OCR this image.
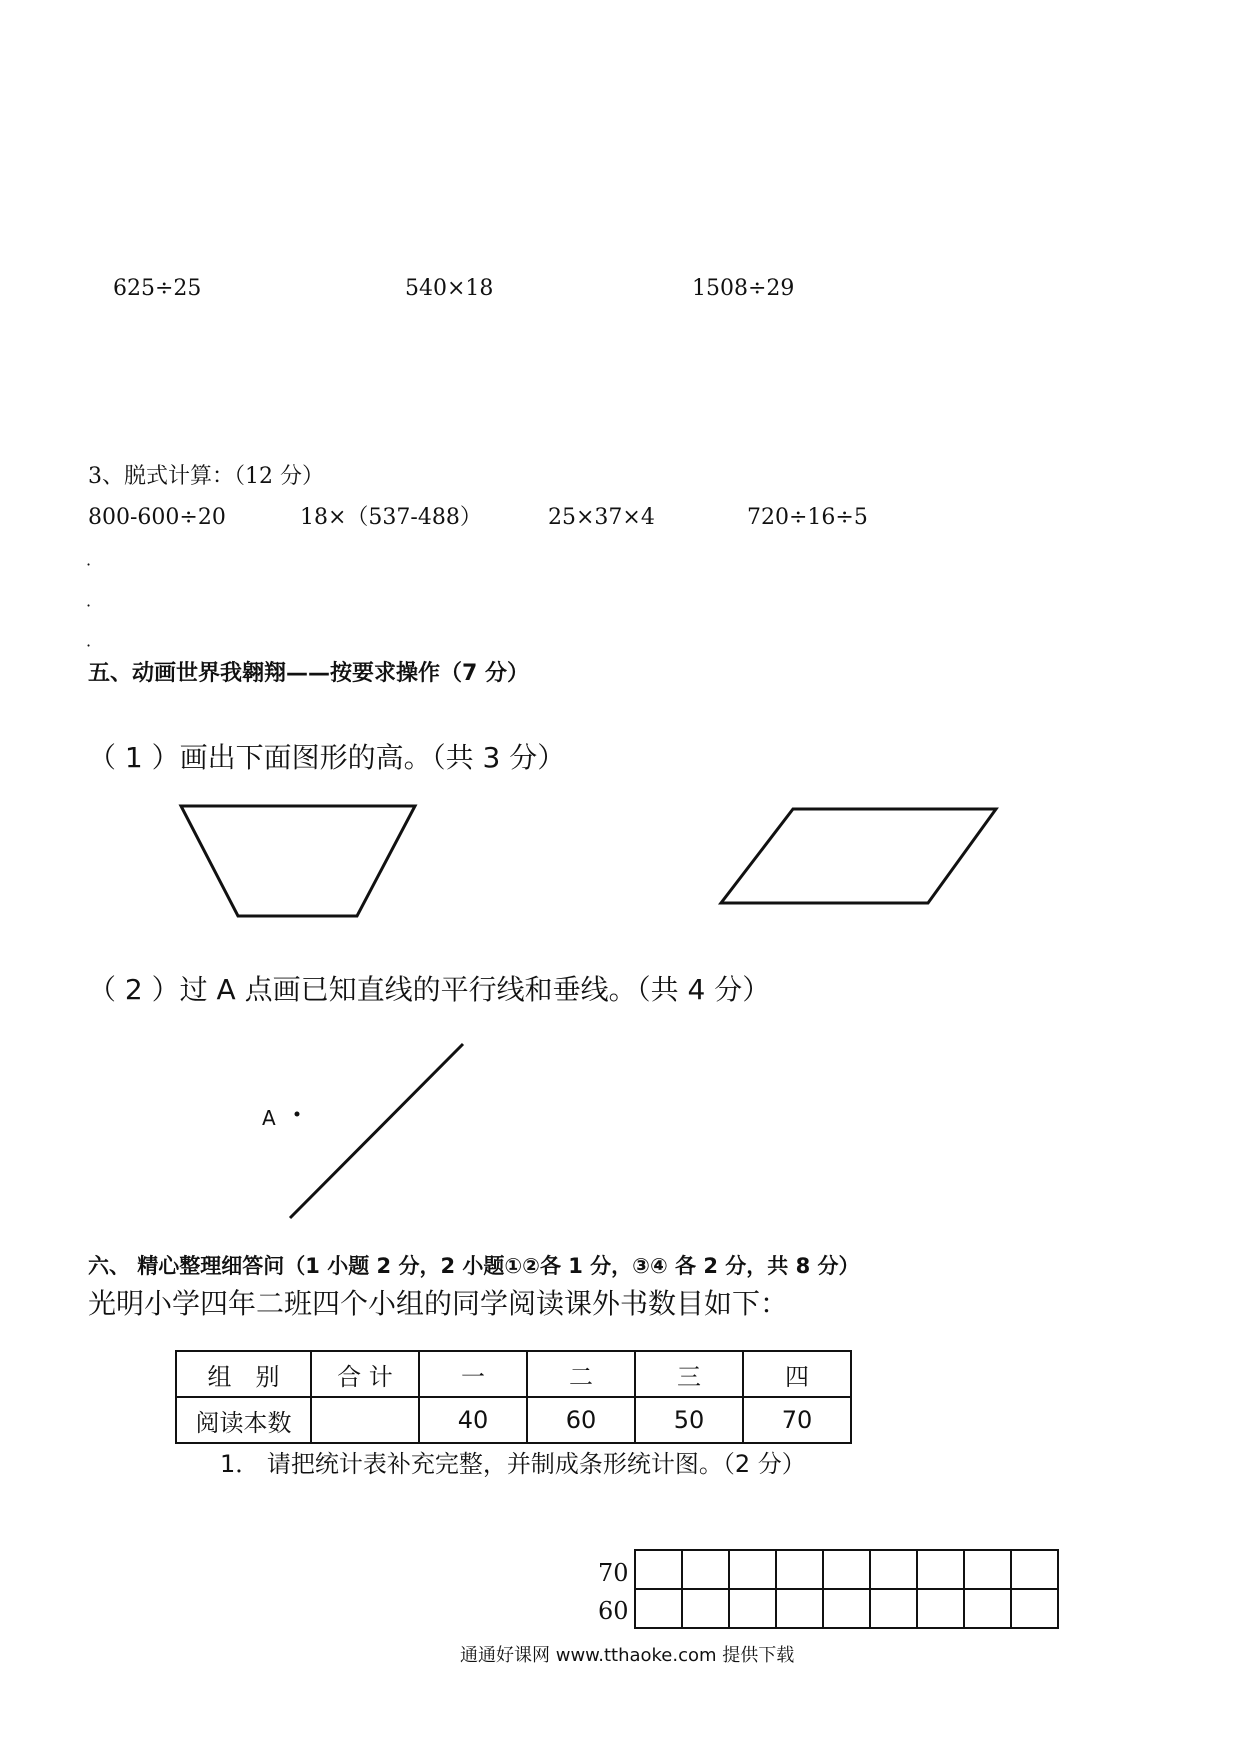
625÷25	540×18	1508÷29
3、脱式计算：（12 分）
800-600÷20	18×（537-488）	25×37×4	720÷16÷5
·
·
·
五、动画世界我翱翔——按要求操作（7 分）
（ 1 ）画出下面图形的高。（共 3 分）
（ 2 ）过 A 点画已知直线的平行线和垂线。（共 4 分）
A
六、 精心整理细答问（1 小题 2 分，2 小题①②各 1 分，③④ 各 2 分，共 8 分）
光明小学四年二班四个小组的同学阅读课外书数目如下：
组　别	合 计	一	二	三	四
阅读本数		40	60	50	70
1． 请把统计表补充完整，并制成条形统计图。（2 分）
70
60

通通好课网 www.tthaoke.com 提供下载
